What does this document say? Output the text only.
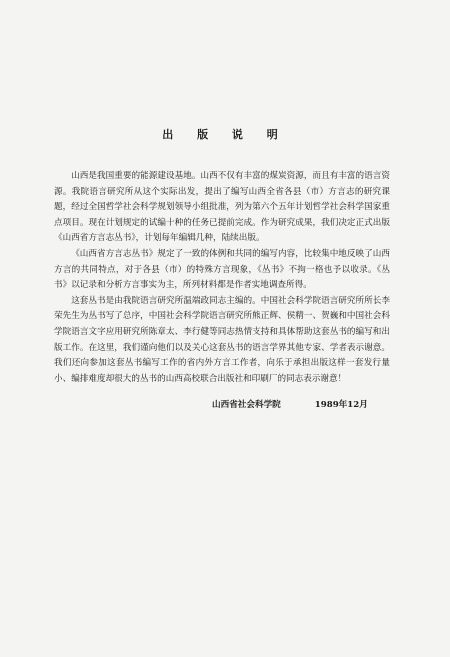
出 版 说 明

山西是我国重要的能源建设基地。山西不仅有丰富的煤炭资源，而且有丰富的语言资源。我院语言研究所从这个实际出发，提出了编写山西全省各县（市）方言志的研究课题，经过全国哲学社会科学规划领导小组批准，列为第六个五年计划哲学社会科学国家重点项目。现在计划规定的试编十种的任务已提前完成。作为研究成果，我们决定正式出版《山西省方言志丛书》，计划每年编辑几种，陆续出版。

《山西省方言志丛书》规定了一致的体例和共同的编写内容，比较集中地反映了山西方言的共同特点，对于各县（市）的特殊方言现象，《丛书》不拘一格也予以收录。《丛书》以记录和分析方言事实为主，所列材料都是作者实地调查所得。

这套丛书是由我院语言研究所温端政同志主编的。中国社会科学院语言研究所所长李荣先生为丛书写了总序，中国社会科学院语言研究所熊正辉、侯精一、贺巍和中国社会科学院语言文字应用研究所陈章太、李行健等同志热情支持和具体帮助这套丛书的编写和出版工作。在这里，我们谨向他们以及关心这套丛书的语言学界其他专家、学者表示谢意。我们还向参加这套丛书编写工作的省内外方言工作者，向乐于承担出版这样一套发行量小、编排难度却很大的丛书的山西高校联合出版社和印刷厂的同志表示谢意！

山西省社会科学院	1989年12月
